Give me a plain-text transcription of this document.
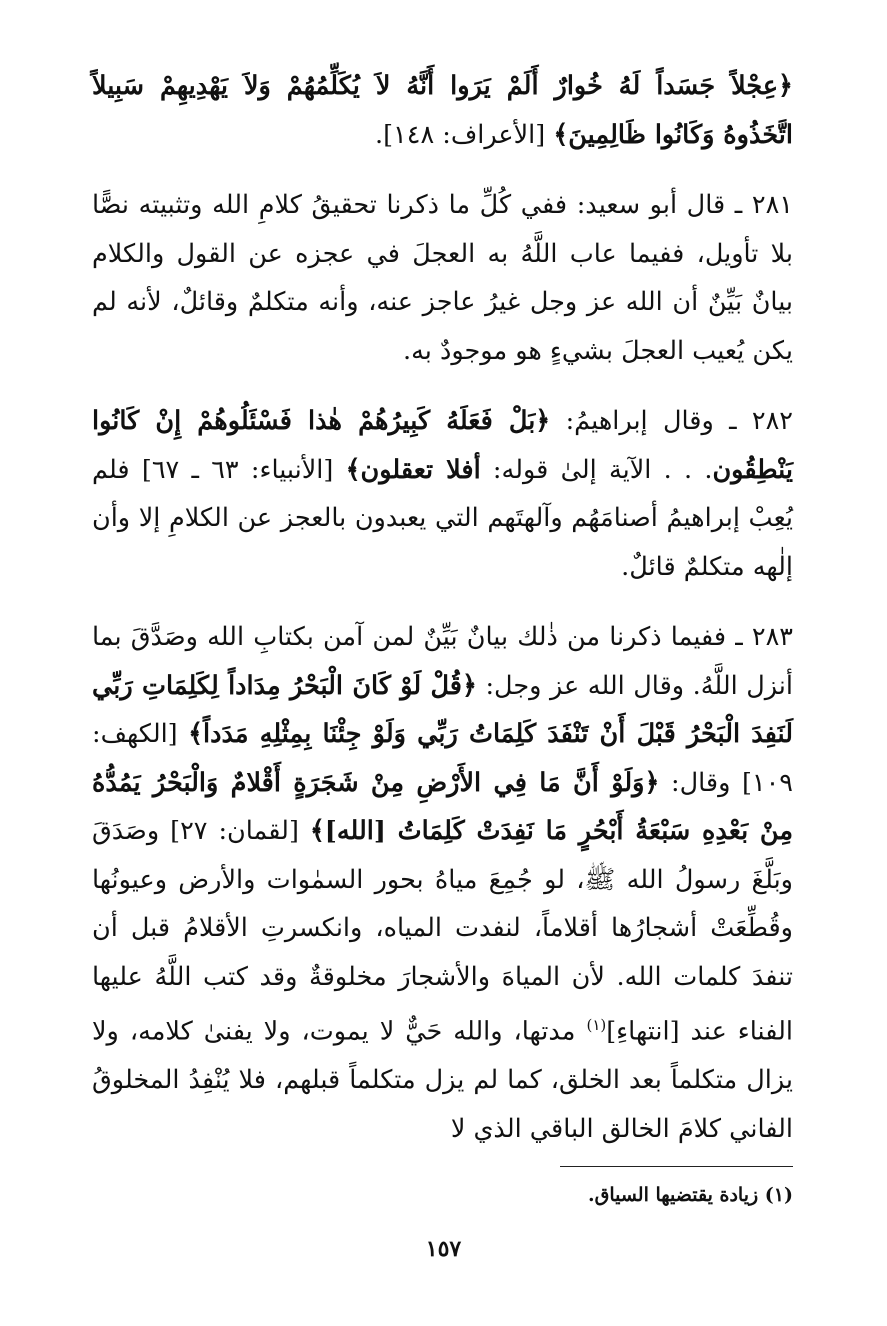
﴿عِجْلاً جَسَداً لَهُ خُوارٌ أَلَمْ يَرَوا أَنَّهُ لاَ يُكَلِّمُهُمْ وَلاَ يَهْدِيهِمْ سَبِيلاً اتَّخَذُوهُ وَكَانُوا ظَالِمِينَ﴾ [الأعراف: ١٤٨].

٢٨١ ـ قال أبو سعيد: ففي كُلِّ ما ذكرنا تحقيقُ كلامِ الله وتثبيته نصًّا بلا تأويل، ففيما عاب اللَّهُ به العجلَ في عجزه عن القول والكلام بيانٌ بَيِّنٌ أن الله عز وجل غيرُ عاجز عنه، وأنه متكلمٌ وقائلٌ، لأنه لم يكن يُعيب العجلَ بشيءٍ هو موجودٌ به.

٢٨٢ ـ وقال إبراهيمُ: ﴿بَلْ فَعَلَهُ كَبِيرُهُمْ هٰذا فَسْئَلُوهُمْ إِنْ كَانُوا يَنْطِقُون. . . الآية إلىٰ قوله: أفلا تعقلون﴾ [الأنبياء: ٦٣ ـ ٦٧] فلم يُعِبْ إبراهيمُ أصنامَهُم وآلهتَهم التي يعبدون بالعجز عن الكلامِ إلا وأن إلٰهه متكلمٌ قائلٌ.

٢٨٣ ـ ففيما ذكرنا من ذٰلك بيانٌ بَيِّنٌ لمن آمن بكتابِ الله وصَدَّقَ بما أنزل اللَّهُ. وقال الله عز وجل: ﴿قُلْ لَوْ كَانَ الْبَحْرُ مِدَاداً لِكَلِمَاتِ رَبِّي لَنَفِدَ الْبَحْرُ قَبْلَ أَنْ تَنْفَدَ كَلِمَاتُ رَبِّي وَلَوْ جِئْنَا بِمِثْلِهِ مَدَداً﴾ [الكهف: ١٠٩] وقال: ﴿وَلَوْ أَنَّ مَا فِي الأَرْضِ مِنْ شَجَرَةٍ أَقْلامٌ وَالْبَحْرُ يَمُدُّهُ مِنْ بَعْدِهِ سَبْعَةُ أَبْحُرٍ مَا نَفِدَتْ كَلِمَاتُ [الله]﴾ [لقمان: ٢٧] وصَدَقَ وبَلَّغَ رسولُ الله ﷺ، لو جُمِعَ مياهُ بحور السمٰوات والأرض وعيونُها وقُطِّعَتْ أشجارُها أقلاماً، لنفدت المياه، وانكسرتِ الأقلامُ قبل أن تنفدَ كلمات الله. لأن المياهَ والأشجارَ مخلوقةٌ وقد كتب اللَّهُ عليها الفناء عند [انتهاءِ]$^{(١)}$ مدتها، والله حَيٌّ لا يموت، ولا يفنىٰ كلامه، ولا يزال متكلماً بعد الخلق، كما لم يزل متكلماً قبلهم، فلا يُنْفِدُ المخلوقُ الفاني كلامَ الخالق الباقي الذي لا

(١) زيادة يقتضيها السياق.
١٥٧
